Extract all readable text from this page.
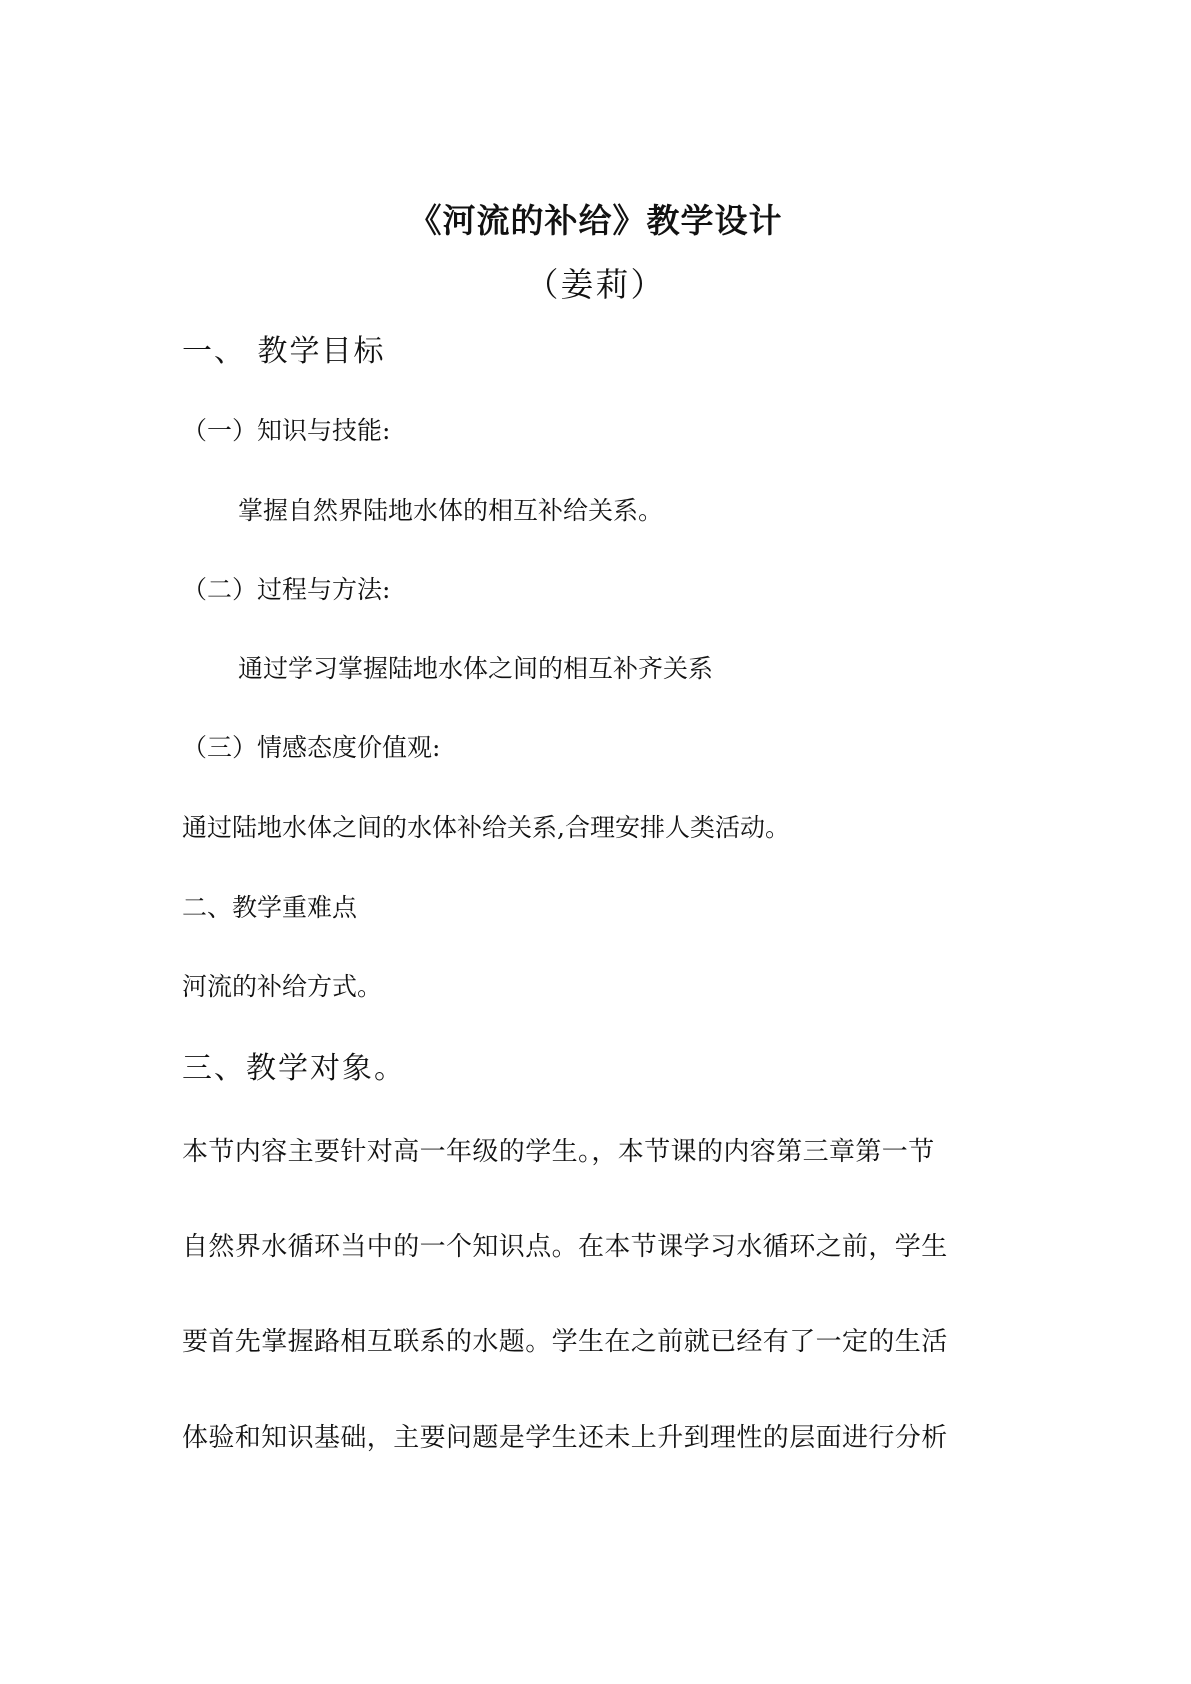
《河流的补给》教学设计
（姜莉）
一、 教学目标
（一）知识与技能:
掌握自然界陆地水体的相互补给关系。
（二）过程与方法:
通过学习掌握陆地水体之间的相互补齐关系
（三）情感态度价值观:
通过陆地水体之间的水体补给关系,合理安排人类活动。
二、教学重难点
河流的补给方式。
三、教学对象。
本节内容主要针对高一年级的学生。，本节课的内容第三章第一节
自然界水循环当中的一个知识点。在本节课学习水循环之前，学生
要首先掌握路相互联系的水题。学生在之前就已经有了一定的生活
体验和知识基础，主要问题是学生还未上升到理性的层面进行分析
